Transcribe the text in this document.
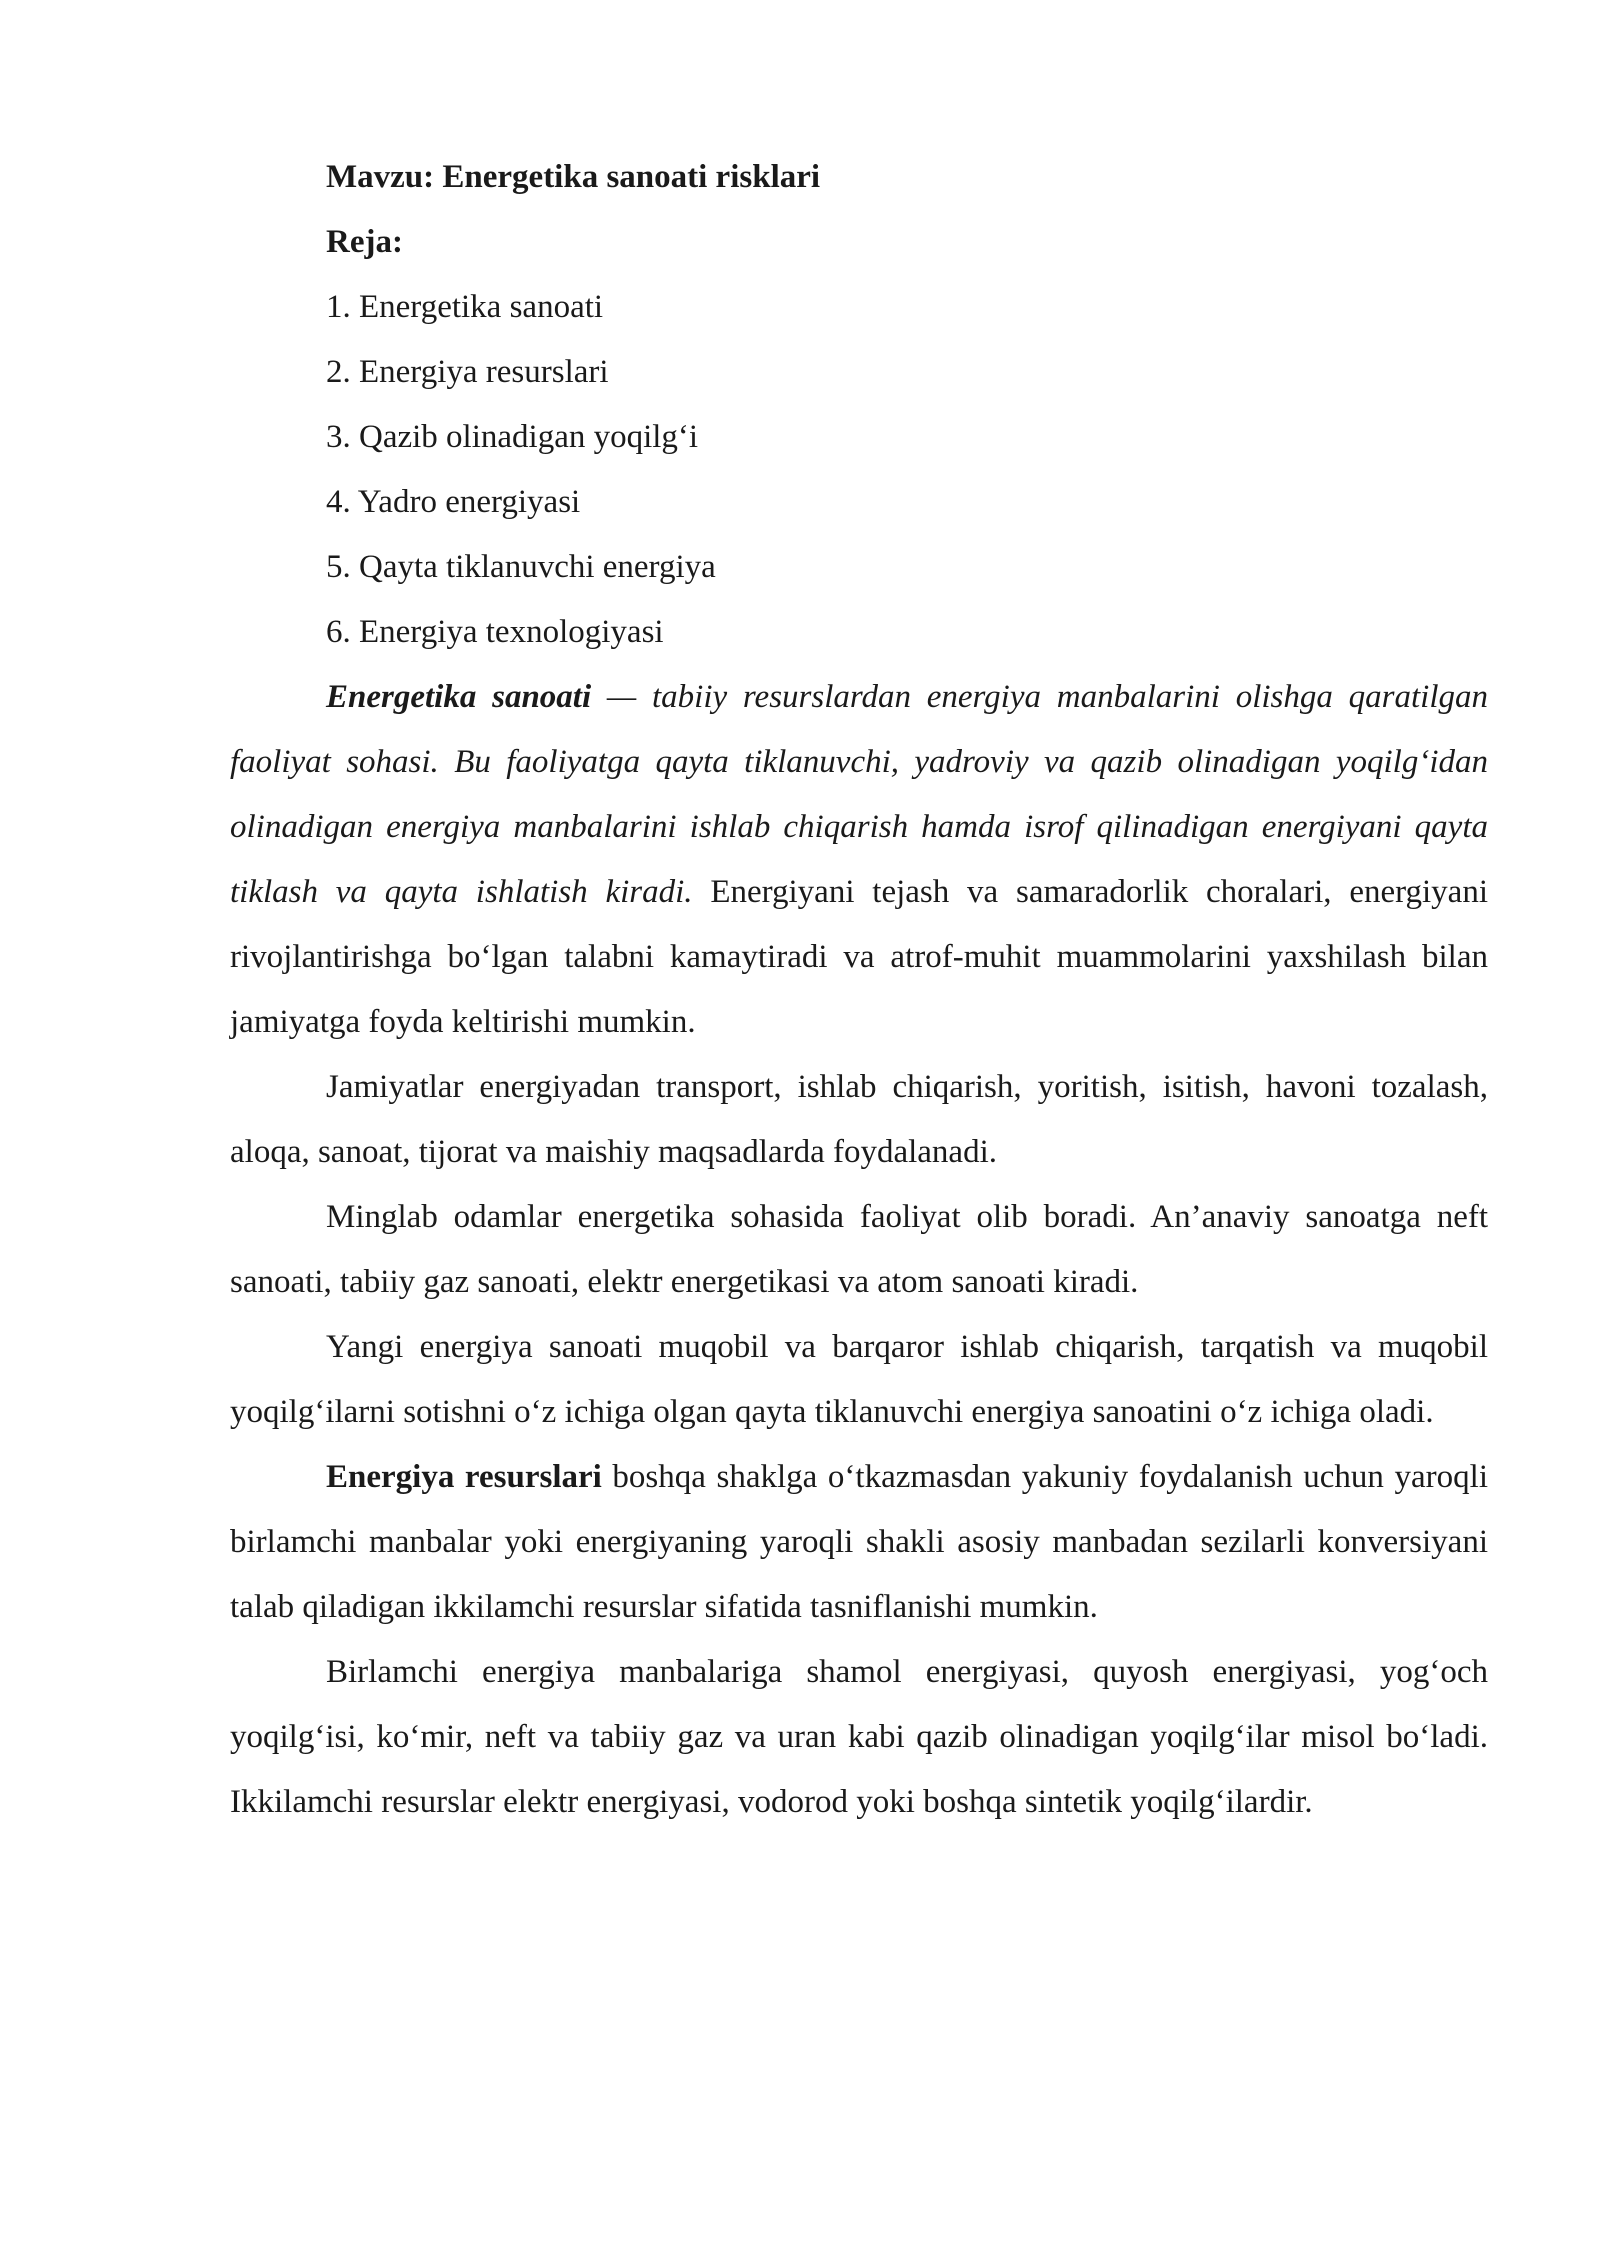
Mavzu: Energetika sanoati risklari

Reja:

1. Energetika sanoati
2. Energiya resurslari
3. Qazib olinadigan yoqilg‘i
4. Yadro energiyasi
5. Qayta tiklanuvchi energiya
6. Energiya texnologiyasi

Energetika sanoati — tabiiy resurslardan energiya manbalarini olishga qaratilgan faoliyat sohasi. Bu faoliyatga qayta tiklanuvchi, yadroviy va qazib olinadigan yoqilg‘idan olinadigan energiya manbalarini ishlab chiqarish hamda isrof qilinadigan energiyani qayta tiklash va qayta ishlatish kiradi. Energiyani tejash va samaradorlik choralari, energiyani rivojlantirishga bo‘lgan talabni kamaytiradi va atrof-muhit muammolarini yaxshilash bilan jamiyatga foyda keltirishi mumkin.

Jamiyatlar energiyadan transport, ishlab chiqarish, yoritish, isitish, havoni tozalash, aloqa, sanoat, tijorat va maishiy maqsadlarda foydalanadi.

Minglab odamlar energetika sohasida faoliyat olib boradi. An’anaviy sanoatga neft sanoati, tabiiy gaz sanoati, elektr energetikasi va atom sanoati kiradi.

Yangi energiya sanoati muqobil va barqaror ishlab chiqarish, tarqatish va muqobil yoqilg‘ilarni sotishni o‘z ichiga olgan qayta tiklanuvchi energiya sanoatini o‘z ichiga oladi.

Energiya resurslari boshqa shaklga o‘tkazmasdan yakuniy foydalanish uchun yaroqli birlamchi manbalar yoki energiyaning yaroqli shakli asosiy manbadan sezilarli konversiyani talab qiladigan ikkilamchi resurslar sifatida tasniflanishi mumkin.

Birlamchi energiya manbalariga shamol energiyasi, quyosh energiyasi, yog‘och yoqilg‘isi, ko‘mir, neft va tabiiy gaz va uran kabi qazib olinadigan yoqilg‘ilar misol bo‘ladi. Ikkilamchi resurslar elektr energiyasi, vodorod yoki boshqa sintetik yoqilg‘ilardir.
